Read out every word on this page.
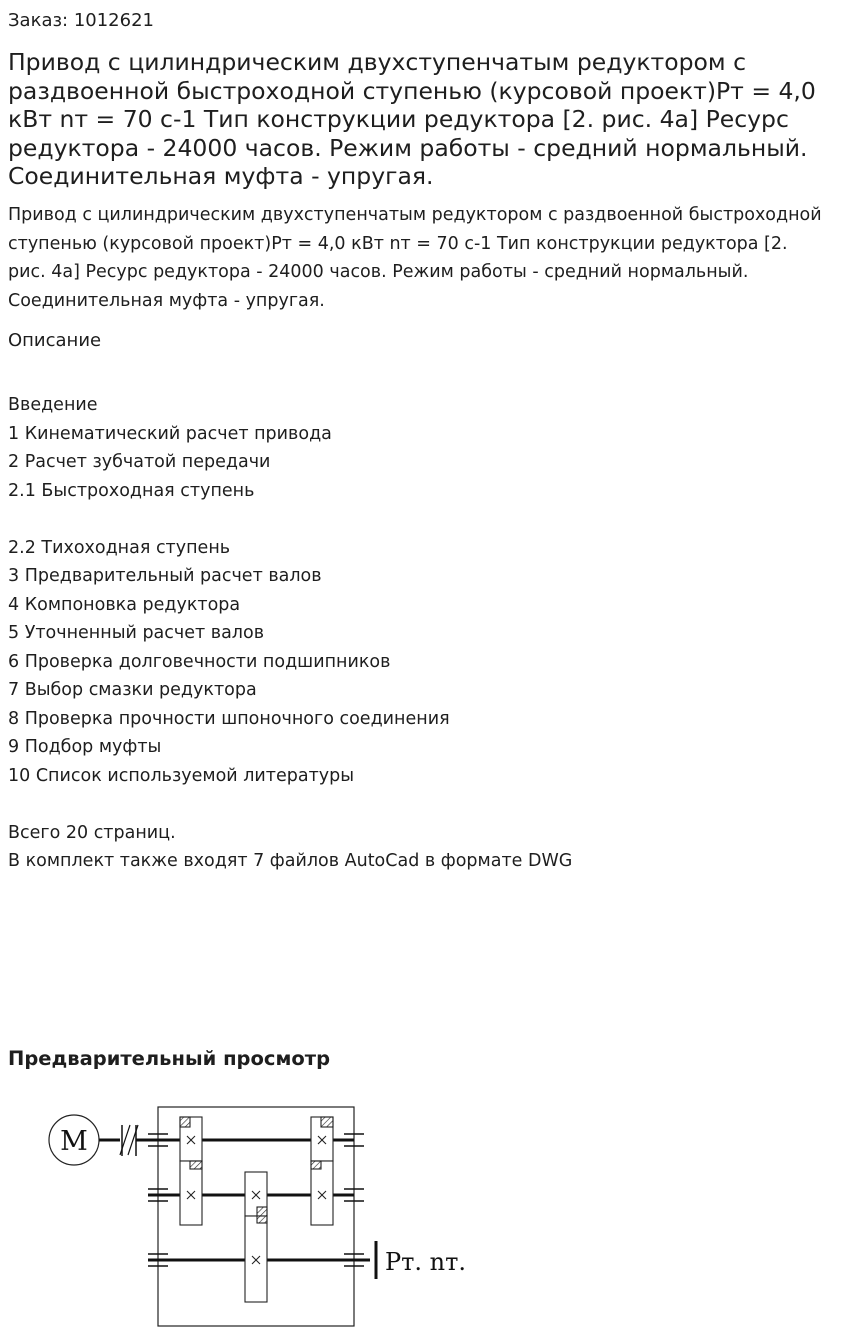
Заказ: 1012621
Привод с цилиндрическим двухступенчатым редуктором с раздвоенной быстроходной ступенью (курсовой проект)Рт = 4,0 кВт nт = 70 с-1 Тип конструкции редуктора [2. рис. 4а] Ресурс редуктора - 24000 часов. Режим работы - средний нормальный. Соединительная муфта - упругая.
Привод с цилиндрическим двухступенчатым редуктором с раздвоенной быстроходной ступенью (курсовой проект)Рт = 4,0 кВт nт = 70 с-1 Тип конструкции редуктора [2. рис. 4а] Ресурс редуктора - 24000 часов. Режим работы - средний нормальный. Соединительная муфта - упругая.
Описание
Введение
1 Кинематический расчет привода
2 Расчет зубчатой передачи
2.1 Быстроходная ступень
2.2 Тихоходная ступень
3 Предварительный расчет валов
4 Компоновка редуктора
5 Уточненный расчет валов
6 Проверка долговечности подшипников
7 Выбор смазки редуктора
8 Проверка прочности шпоночного соединения
9 Подбор муфты
10 Список используемой литературы
Всего 20 страниц.
В комплект также входят 7 файлов AutoCad в формате DWG
Предварительный просмотр
M
Pт. nт.
